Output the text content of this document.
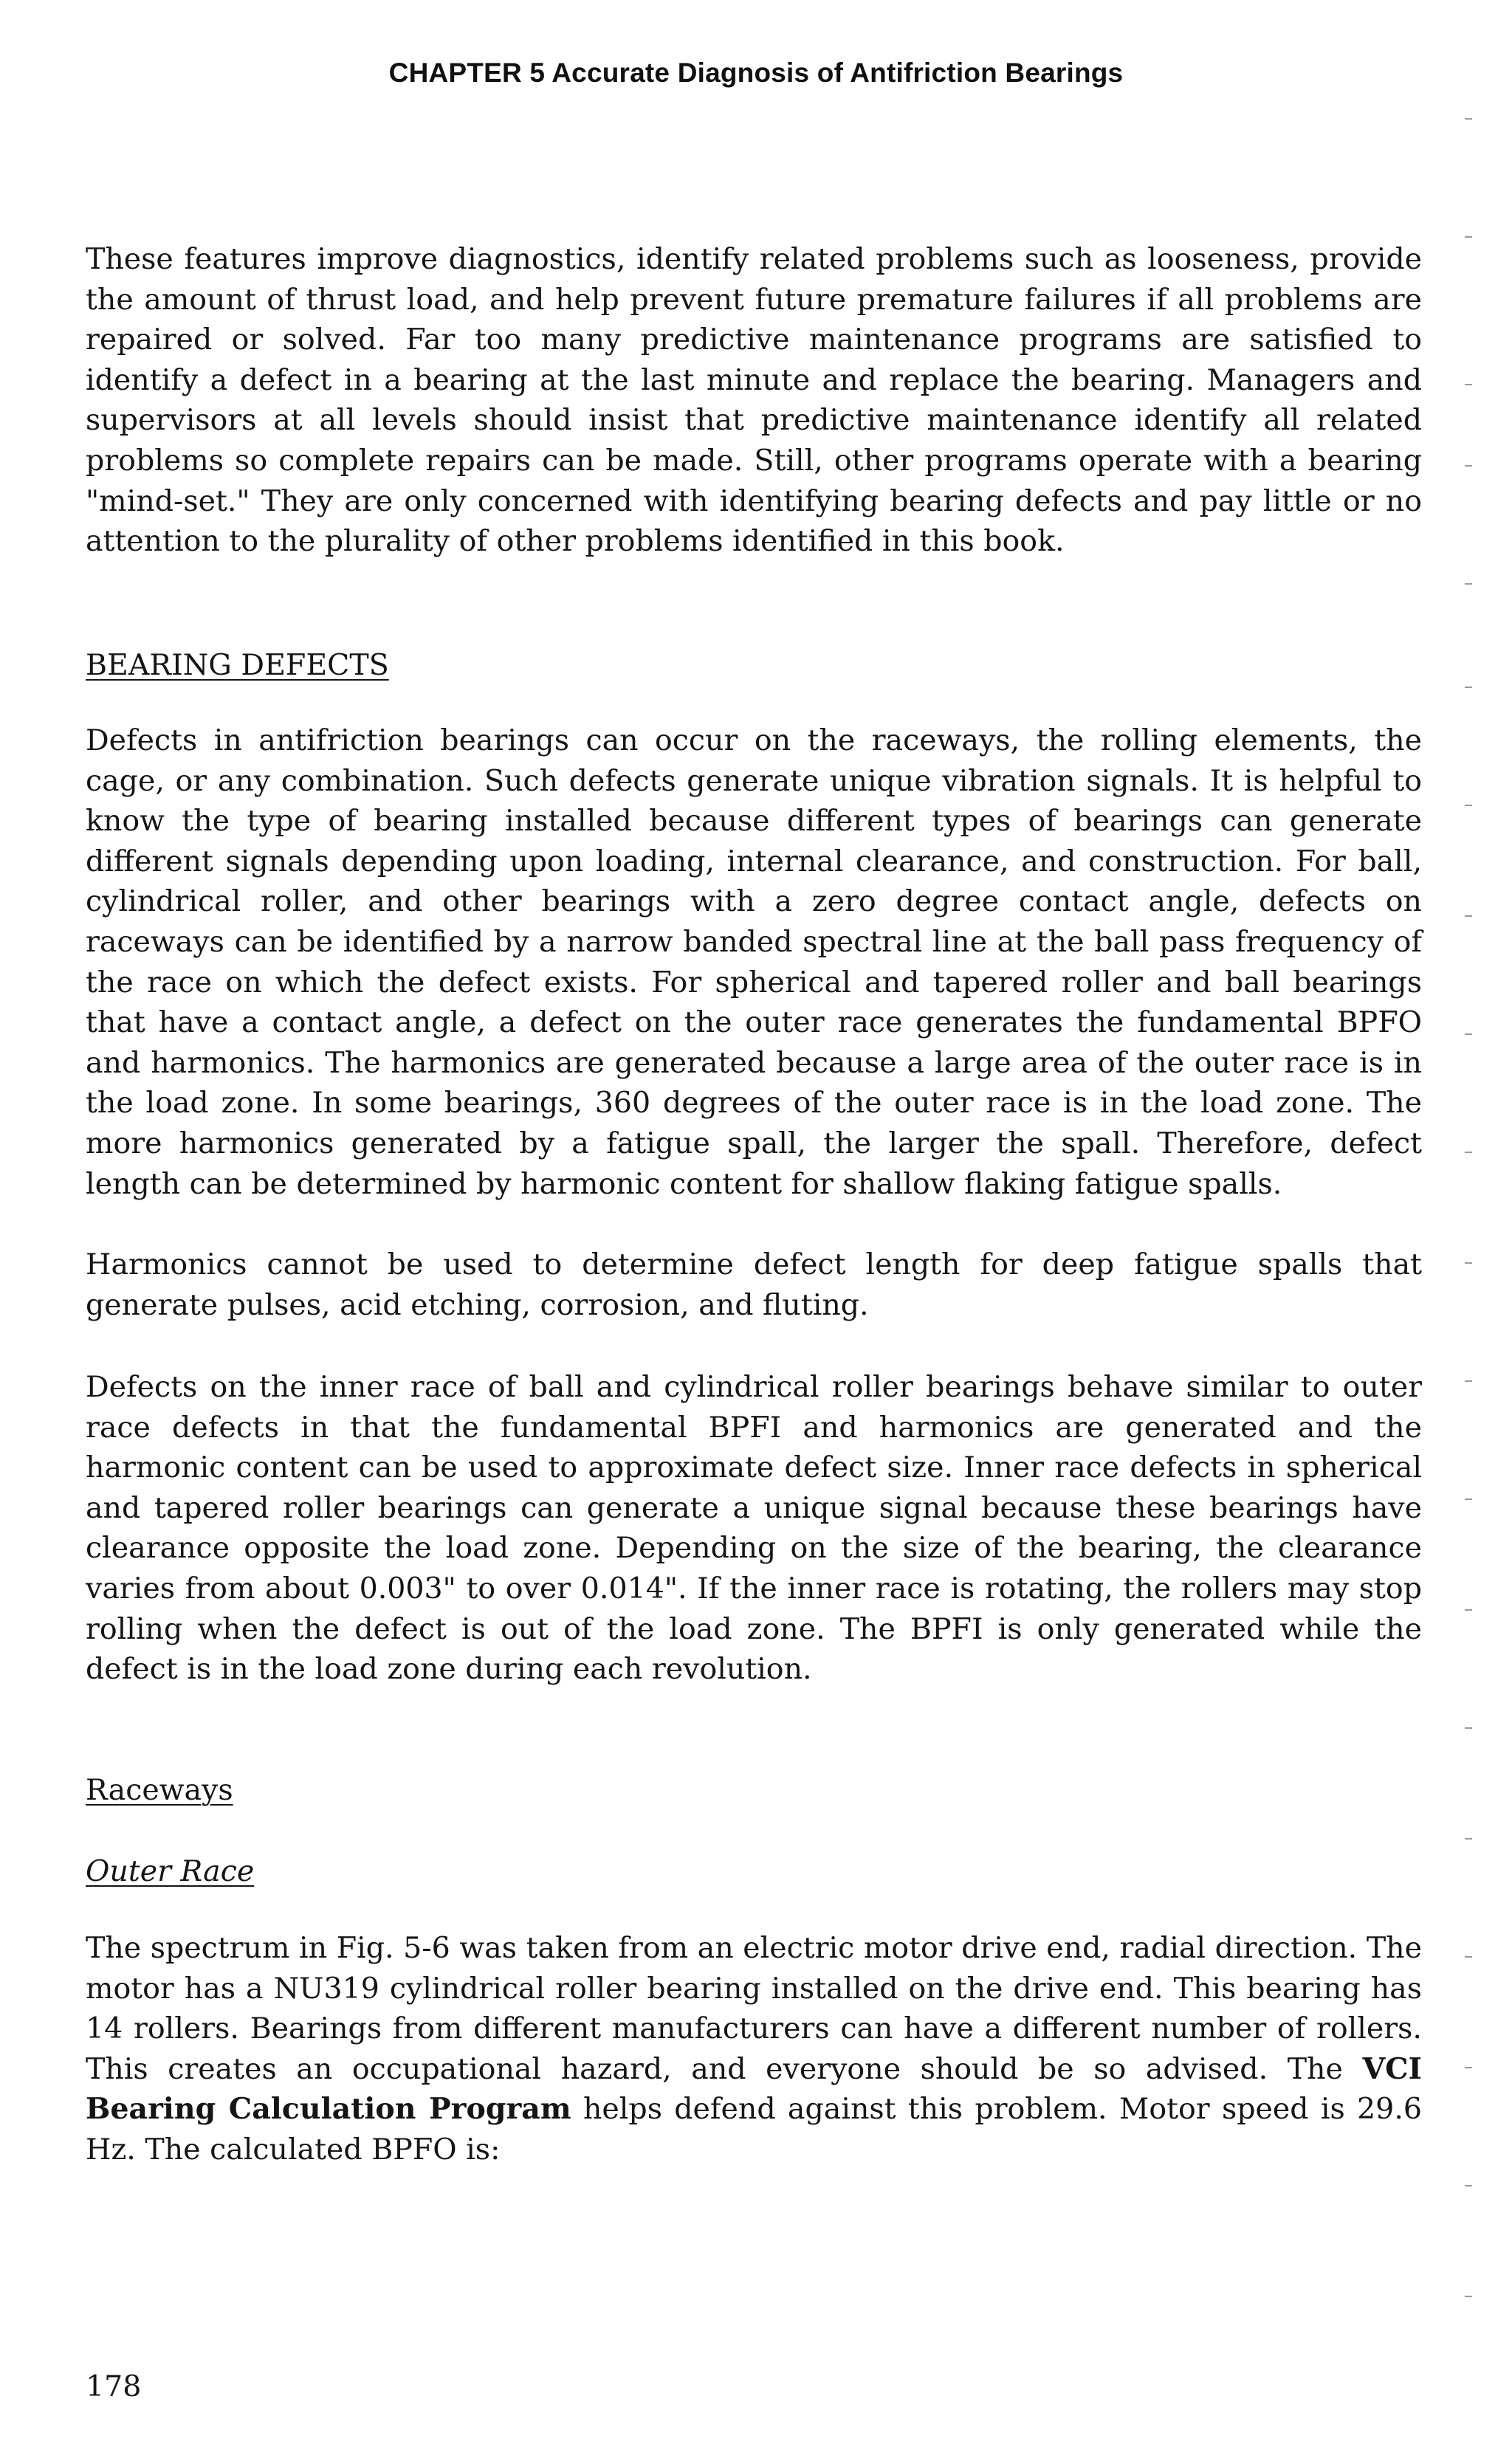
CHAPTER 5 Accurate Diagnosis of Antifriction Bearings

These features improve diagnostics, identify related problems such as looseness, provide the amount of thrust load, and help prevent future premature failures if all problems are repaired or solved. Far too many predictive maintenance programs are satisfied to identify a defect in a bearing at the last minute and replace the bearing. Managers and supervisors at all levels should insist that predictive maintenance identify all related problems so complete repairs can be made. Still, other programs operate with a bearing "mind-set." They are only concerned with identifying bearing defects and pay little or no attention to the plurality of other problems identified in this book.

BEARING DEFECTS

Defects in antifriction bearings can occur on the raceways, the rolling elements, the cage, or any combination. Such defects generate unique vibration signals. It is helpful to know the type of bearing installed because different types of bearings can generate different signals depending upon loading, internal clearance, and construction. For ball, cylindrical roller, and other bearings with a zero degree contact angle, defects on raceways can be identified by a narrow banded spectral line at the ball pass frequency of the race on which the defect exists. For spherical and tapered roller and ball bearings that have a contact angle, a defect on the outer race generates the fundamental BPFO and harmonics. The harmonics are generated because a large area of the outer race is in the load zone. In some bearings, 360 degrees of the outer race is in the load zone. The more harmonics generated by a fatigue spall, the larger the spall. Therefore, defect length can be determined by harmonic content for shallow flaking fatigue spalls.

Harmonics cannot be used to determine defect length for deep fatigue spalls that generate pulses, acid etching, corrosion, and fluting.

Defects on the inner race of ball and cylindrical roller bearings behave similar to outer race defects in that the fundamental BPFI and harmonics are generated and the harmonic content can be used to approximate defect size. Inner race defects in spherical and tapered roller bearings can generate a unique signal because these bearings have clearance opposite the load zone. Depending on the size of the bearing, the clearance varies from about 0.003" to over 0.014". If the inner race is rotating, the rollers may stop rolling when the defect is out of the load zone. The BPFI is only generated while the defect is in the load zone during each revolution.

Raceways
Outer Race

The spectrum in Fig. 5-6 was taken from an electric motor drive end, radial direction. The motor has a NU319 cylindrical roller bearing installed on the drive end. This bearing has 14 rollers. Bearings from different manufacturers can have a different number of rollers. This creates an occupational hazard, and everyone should be so advised. The VCI Bearing Calculation Program helps defend against this problem. Motor speed is 29.6 Hz. The calculated BPFO is:

178
